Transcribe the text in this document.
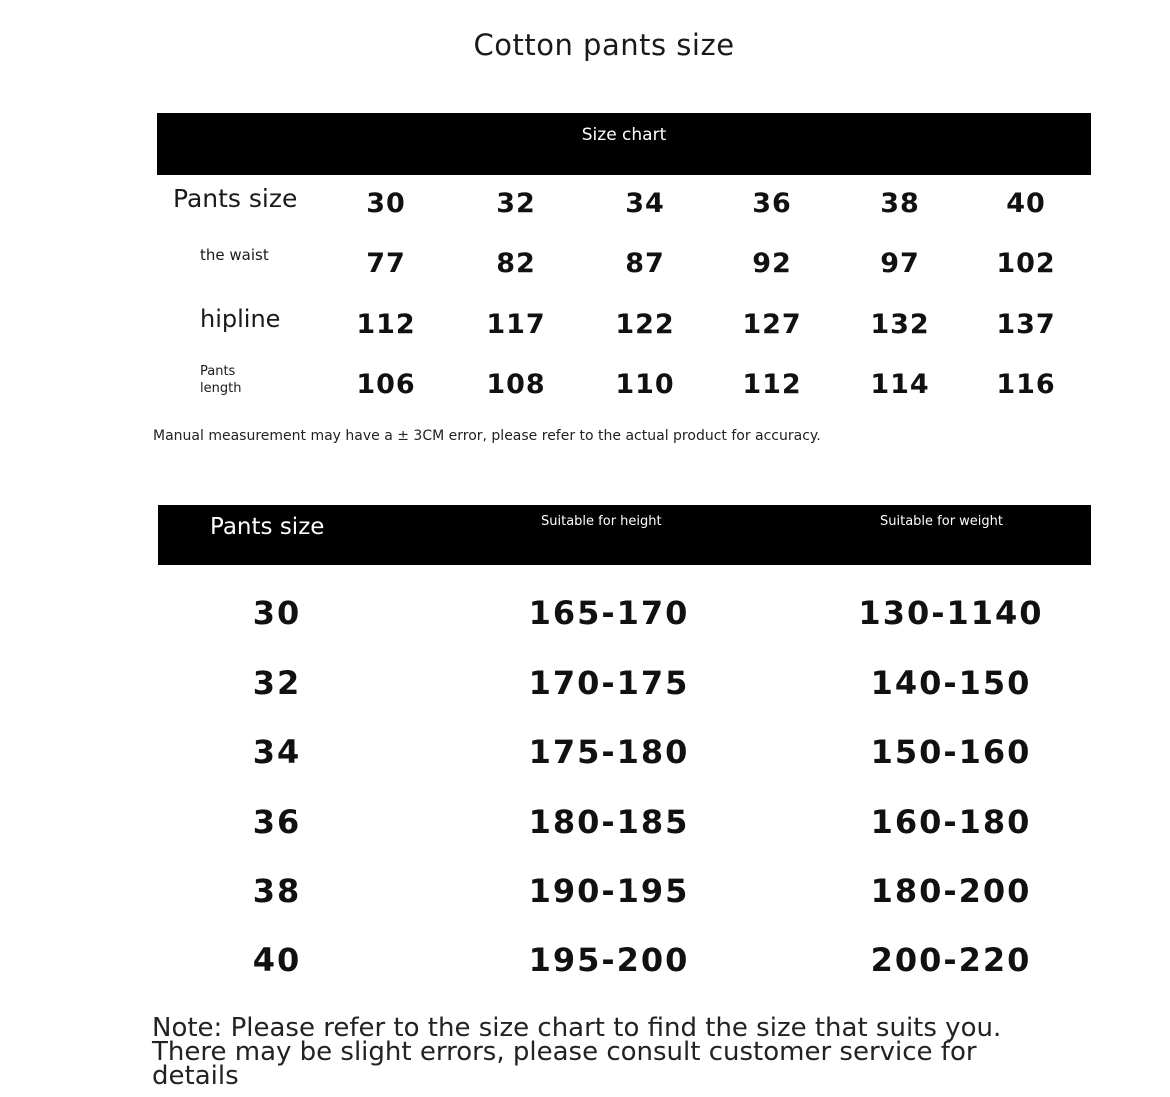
Cotton pants size
Size chart
Pants size	30	32	34	36	38	40
the waist	77	82	87	92	97	102
hipline	112	117	122	127	132	137
Pants
length	106	108	110	112	114	116
Manual measurement may have a ± 3CM error, please refer to the actual product for accuracy.
Pants size	Suitable for height	Suitable for weight
30	165-170	130-1140
32	170-175	140-150
34	175-180	150-160
36	180-185	160-180
38	190-195	180-200
40	195-200	200-220
Note: Please refer to the size chart to find the size that suits you.
There may be slight errors, please consult customer service for
details
